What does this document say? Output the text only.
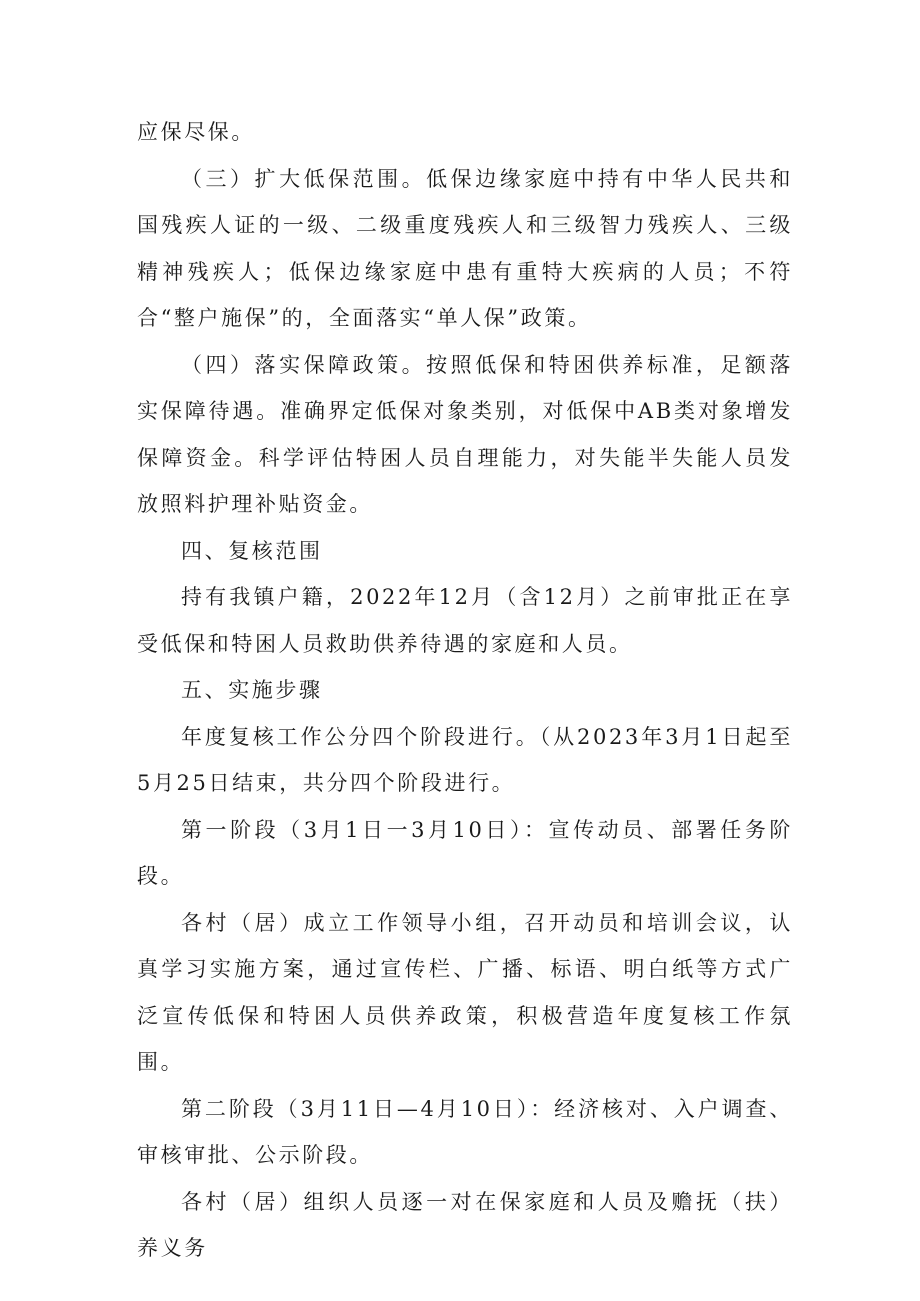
应保尽保。

（三）扩大低保范围。低保边缘家庭中持有中华人民共和国残疾人证的一级、二级重度残疾人和三级智力残疾人、三级精神残疾人；低保边缘家庭中患有重特大疾病的人员；不符合“整户施保”的，全面落实“单人保”政策。

（四）落实保障政策。按照低保和特困供养标准，足额落实保障待遇。准确界定低保对象类别，对低保中AB类对象增发保障资金。科学评估特困人员自理能力，对失能半失能人员发放照料护理补贴资金。

四、复核范围

持有我镇户籍，2022年12月（含12月）之前审批正在享受低保和特困人员救助供养待遇的家庭和人员。

五、实施步骤

年度复核工作公分四个阶段进行。（从2023年3月1日起至5月25日结束，共分四个阶段进行。

第一阶段（3月1日一3月10日）：宣传动员、部署任务阶段。

各村（居）成立工作领导小组，召开动员和培训会议，认真学习实施方案，通过宣传栏、广播、标语、明白纸等方式广泛宣传低保和特困人员供养政策，积极营造年度复核工作氛围。

第二阶段（3月11日—4月10日）：经济核对、入户调查、审核审批、公示阶段。

各村（居）组织人员逐一对在保家庭和人员及赡抚（扶）养义务
